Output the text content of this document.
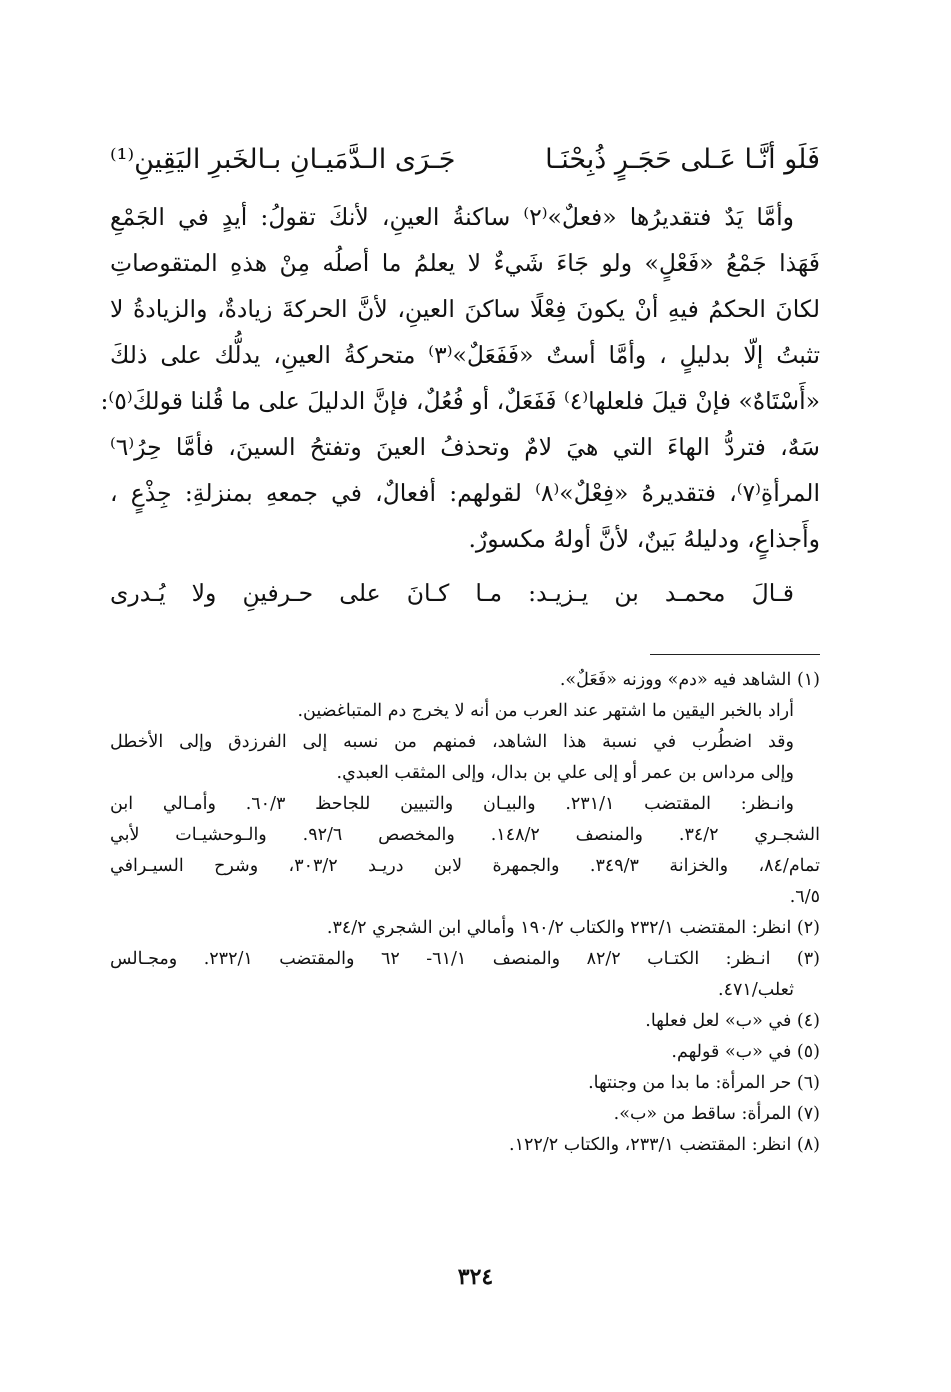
فَلَو أنَّـا عَـلى حَجَـرٍ ذُبِحْنَـا
جَـرَى الـدَّمَيـانِ بـالخَبرِ اليَقِينِ⁽¹⁾
وأمَّا يَدٌ فتقديرُها «فعلٌ»⁽٢⁾ ساكنةُ العينِ، لأنكَ تقولُ: أيدٍ في الجَمْعِ
فَهَذا جَمْعُ «فَعْلٍ» ولو جَاءَ شَيءٌ لا يعلمُ ما أصلُه مِنْ هذهِ المتقوصاتِ
لكانَ الحكمُ فيهِ أنْ يكونَ فِعْلًا ساكنَ العينِ، لأنَّ الحركةَ زيادةٌ، والزيادةُ لا
تثبتُ إلّا بدليلٍ ، وأمَّا أستٌ «فَفَعَلٌ»⁽٣⁾ متحركةُ العينِ، يدلُّك على ذلكَ
«أَسْتَاهٌ» فإنْ قيلَ فلعلها⁽٤⁾ فَفَعَلٌ، أو فُعُلٌ، فإنَّ الدليلَ على ما قُلنا قولكَ⁽٥⁾:
سَهٌ، فتردُّ الهاءَ التي هيَ لامٌ وتحذفُ العينَ وتفتحُ السينَ، فأمَّا حِرُ⁽٦⁾
المرأةِ⁽٧⁾، فتقديرهُ «فِعْلٌ»⁽٨⁾ لقولهم: أفعالٌ، في جمعهِ بمنزلةِ: جِذْعٍ ،
وأَجذاعٍ، ودليلهُ بَينٌ، لأنَّ أولهُ مكسورٌ.
قـالَ محمـد بن يـزيـد: مـا كـانَ على حـرفينِ ولا يُـدرى
(١) الشاهد فيه «دم» ووزنه «فَعَلٌ».
أراد بالخبر اليقين ما اشتهر عند العرب من أنه لا يخرج دم المتباغضين.
وقد اضطُرب في نسبة هذا الشاهد، فمنهم من نسبه إلى الفرزدق وإلى الأخطل
وإلى مرداس بن عمر أو إلى علي بن بدال، وإلى المثقب العبدي.
وانـظر: المقتضب ٢٣١/١. والبيـان والتبيين للجاحظ ٦٠/٣. وأمـالي ابن
الشجـري ٣٤/٢. والمنصف ١٤٨/٢. والمخصص ٩٢/٦. والـوحشيـات لأبي
تمام/٨٤، والخزانة ٣٤٩/٣. والجمهرة لابن دريـد ٣٠٣/٢، وشرح السيـرافي
٦/٥.
(٢) انظر: المقتضب ٢٣٢/١ والكتاب ١٩٠/٢ وأمالي ابن الشجري ٣٤/٢.
(٣) انـظر: الكتـاب ٨٢/٢ والمنصف ٦١/١- ٦٢ والمقتضب ٢٣٢/١. ومجـالس
ثعلب/٤٧١.
(٤) في «ب» لعل فعلها.
(٥) في «ب» قولهم.
(٦) حر المرأة: ما بدا من وجنتها.
(٧) المرأة: ساقط من «ب».
(٨) انظر: المقتضب ٢٣٣/١، والكتاب ١٢٢/٢.
٣٢٤
